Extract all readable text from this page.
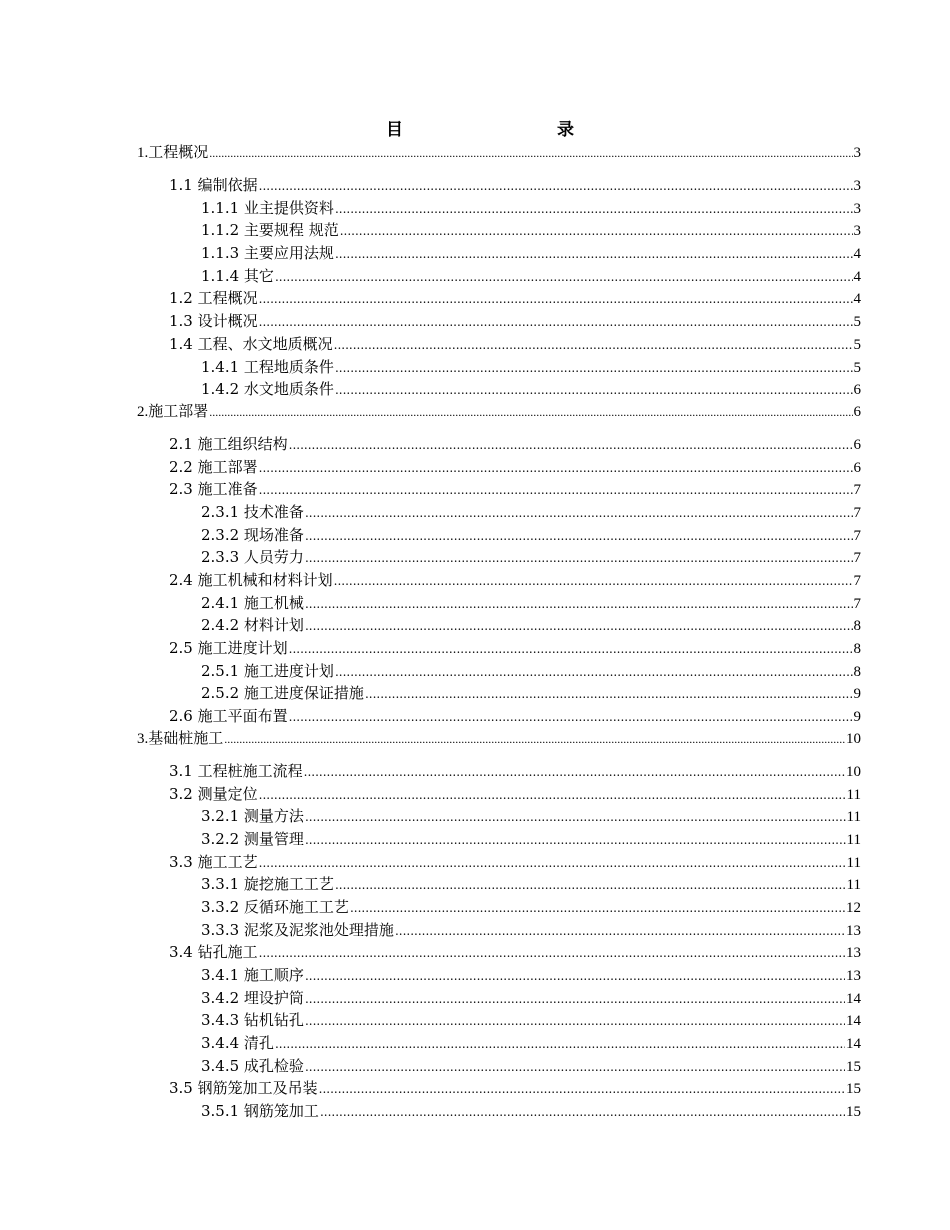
目　　录
1.工程概况 .....	3
1.1 编制依据 .....	3
1.1.1 业主提供资料 .....	3
1.1.2 主要规程 规范 .....	3
1.1.3 主要应用法规 .....	4
1.1.4 其它 .....	4
1.2 工程概况 .....	4
1.3 设计概况 .....	5
1.4 工程、水文地质概况 .....	5
1.4.1 工程地质条件 .....	5
1.4.2 水文地质条件 .....	6
2.施工部署 .....	6
2.1 施工组织结构 .....	6
2.2 施工部署 .....	6
2.3 施工准备 .....	7
2.3.1 技术准备 .....	7
2.3.2 现场准备 .....	7
2.3.3 人员劳力 .....	7
2.4 施工机械和材料计划 .....	7
2.4.1 施工机械 .....	7
2.4.2 材料计划 .....	8
2.5 施工进度计划 .....	8
2.5.1 施工进度计划 .....	8
2.5.2 施工进度保证措施 .....	9
2.6 施工平面布置 .....	9
3.基础桩施工 .....	10
3.1 工程桩施工流程 .....	10
3.2 测量定位 .....	11
3.2.1 测量方法 .....	11
3.2.2 测量管理 .....	11
3.3 施工工艺 .....	11
3.3.1 旋挖施工工艺 .....	11
3.3.2 反循环施工工艺 .....	12
3.3.3 泥浆及泥浆池处理措施 .....	13
3.4 钻孔施工 .....	13
3.4.1 施工顺序 .....	13
3.4.2 埋设护筒 .....	14
3.4.3 钻机钻孔 .....	14
3.4.4 清孔 .....	14
3.4.5 成孔检验 .....	15
3.5 钢筋笼加工及吊装 .....	15
3.5.1 钢筋笼加工 .....	15
